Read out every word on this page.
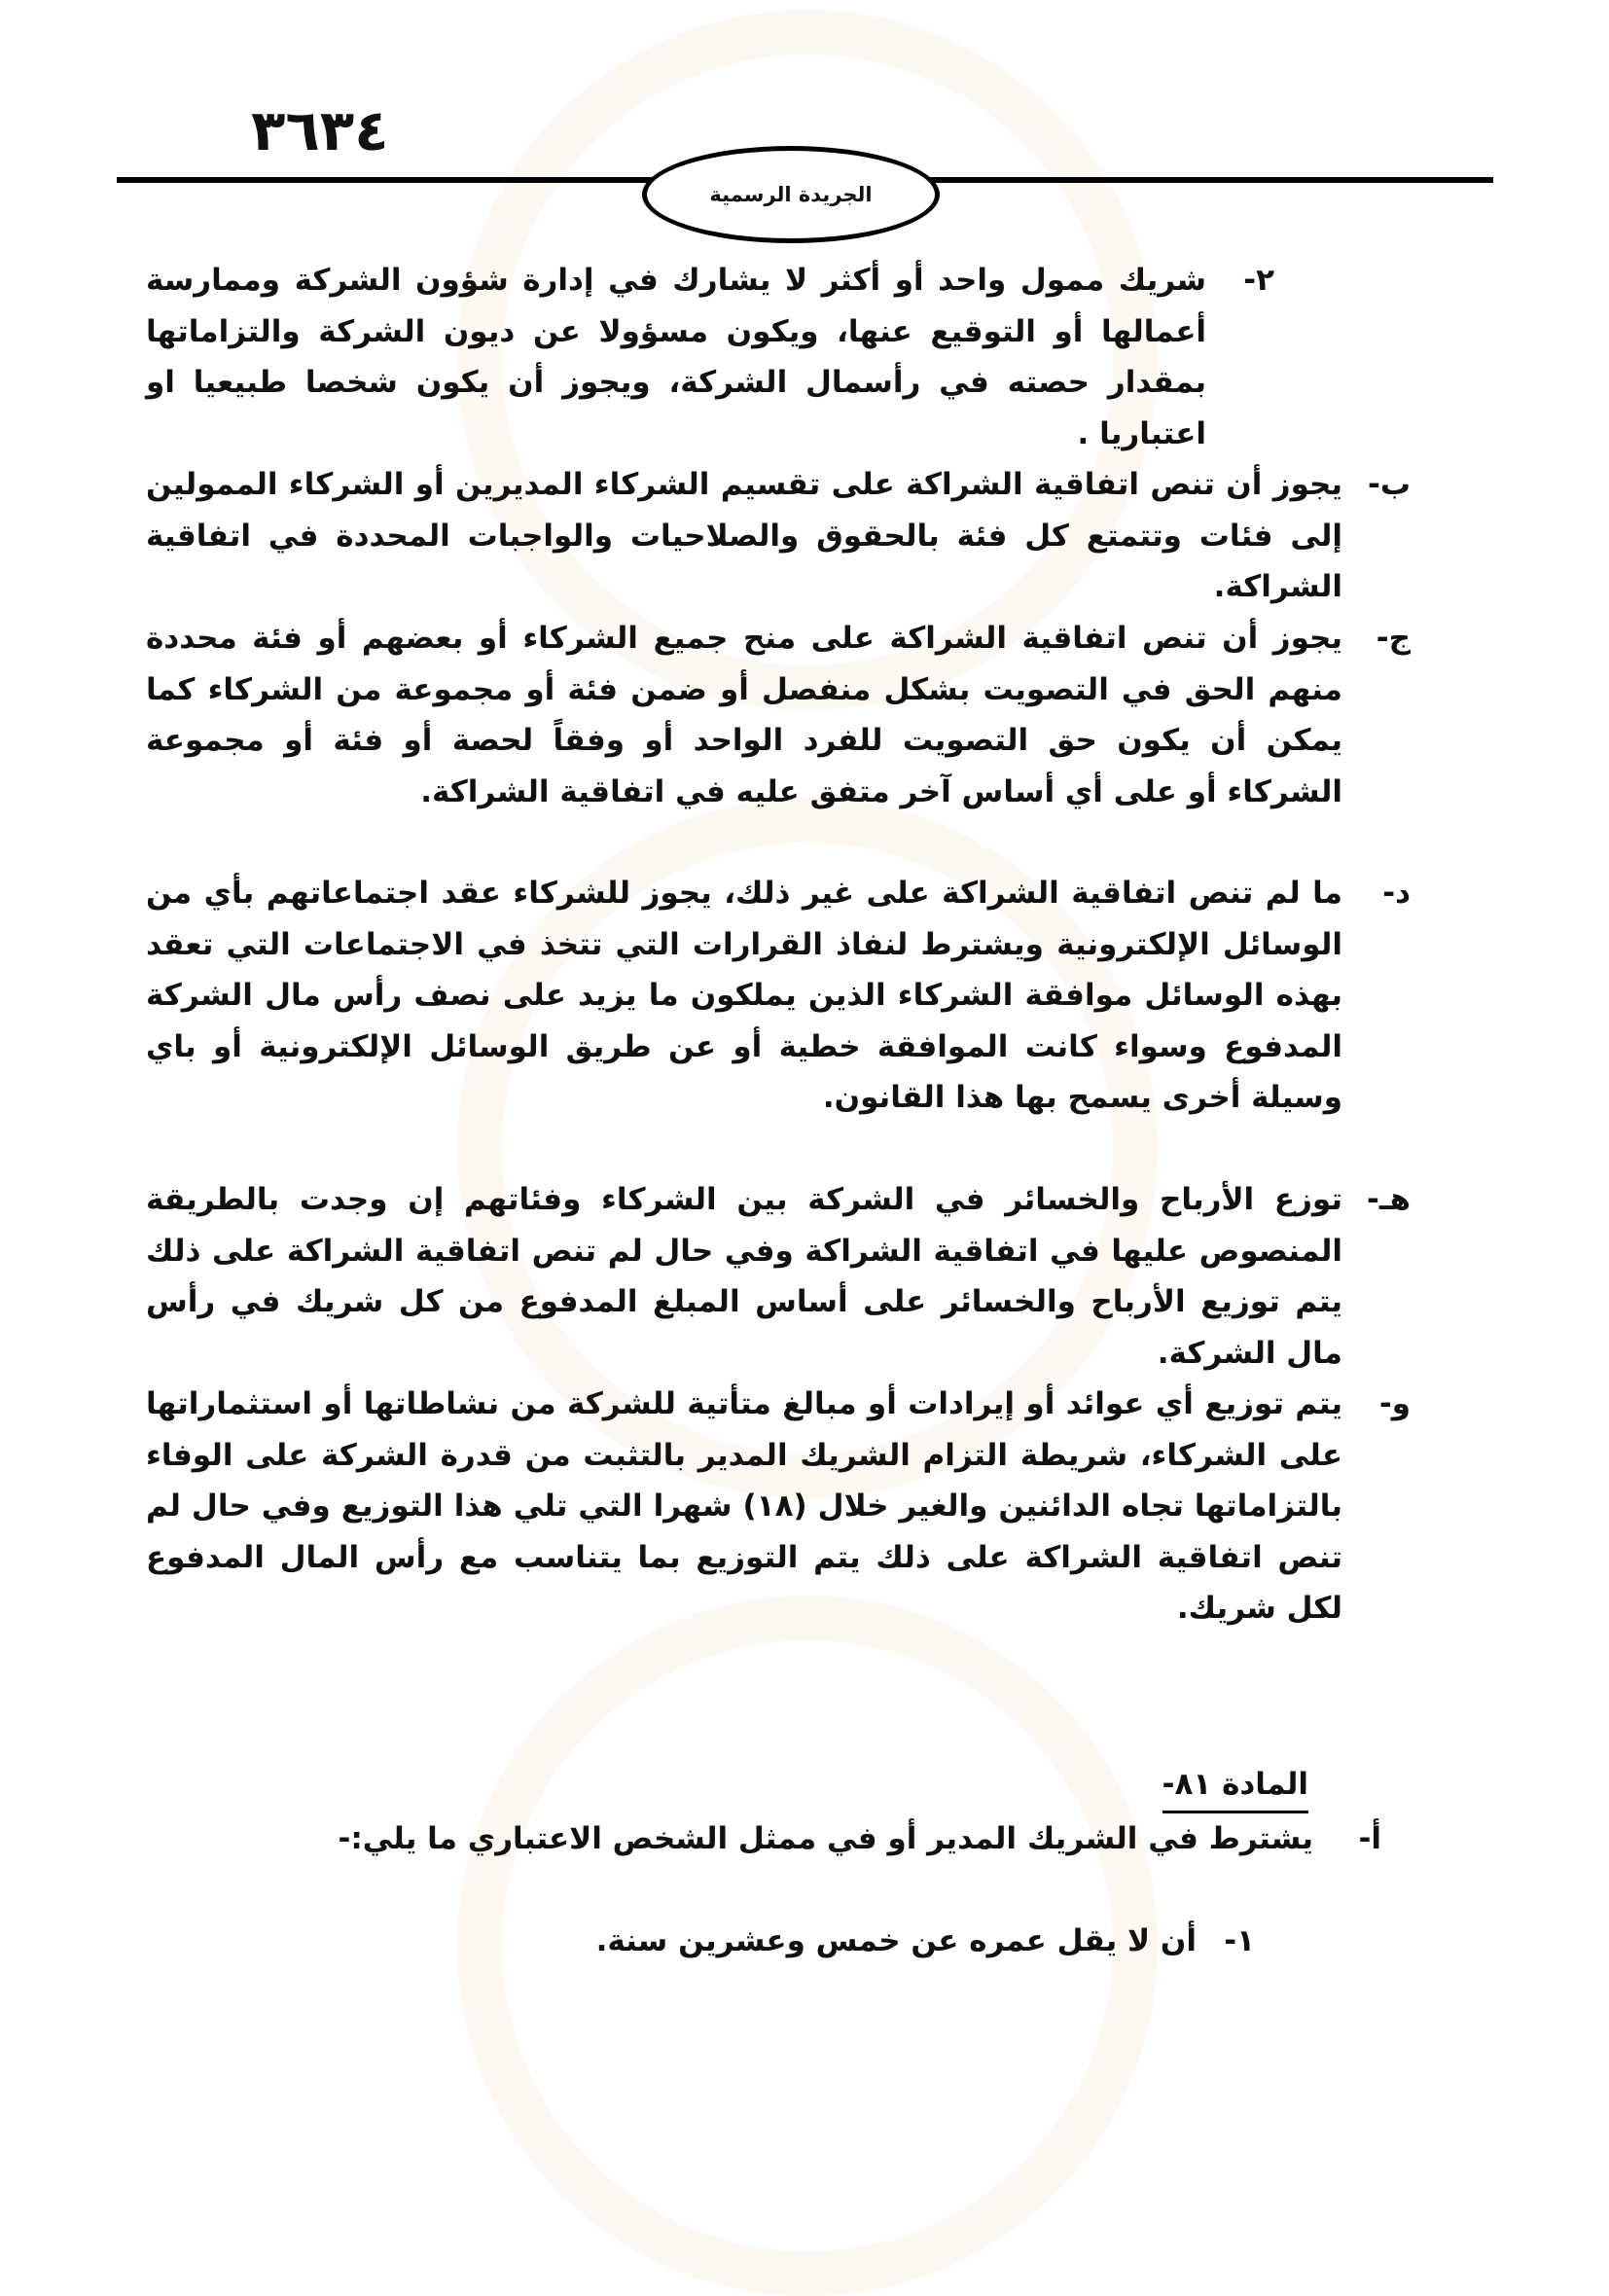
٣٦٣٤
الجريدة الرسمية
٢-
شريك ممول واحد أو أكثر لا يشارك في إدارة شؤون الشركة وممارسة أعمالها أو التوقيع عنها، ويكون مسؤولا عن ديون الشركة والتزاماتها بمقدار حصته في رأسمال الشركة، ويجوز أن يكون شخصا طبيعيا او اعتباريا .
ب-
يجوز أن تنص اتفاقية الشراكة على تقسيم الشركاء المديرين أو الشركاء الممولين إلى فئات وتتمتع كل فئة بالحقوق والصلاحيات والواجبات المحددة في اتفاقية الشراكة.
ج-
يجوز أن تنص اتفاقية الشراكة على منح جميع الشركاء أو بعضهم أو فئة محددة منهم الحق في التصويت بشكل منفصل أو ضمن فئة أو مجموعة من الشركاء كما يمكن أن يكون حق التصويت للفرد الواحد أو وفقاً لحصة أو فئة أو مجموعة الشركاء أو على أي أساس آخر متفق عليه في اتفاقية الشراكة.
د-
ما لم تنص اتفاقية الشراكة على غير ذلك، يجوز للشركاء عقد اجتماعاتهم بأي من الوسائل الإلكترونية ويشترط لنفاذ القرارات التي تتخذ في الاجتماعات التي تعقد بهذه الوسائل موافقة الشركاء الذين يملكون ما يزيد على نصف رأس مال الشركة المدفوع وسواء كانت الموافقة خطية أو عن طريق الوسائل الإلكترونية أو باي وسيلة أخرى يسمح بها هذا القانون.
هـ-
توزع الأرباح والخسائر في الشركة بين الشركاء وفئاتهم إن وجدت بالطريقة المنصوص عليها في اتفاقية الشراكة وفي حال لم تنص اتفاقية الشراكة على ذلك يتم توزيع الأرباح والخسائر على أساس المبلغ المدفوع من كل شريك في رأس مال الشركة.
و-
يتم توزيع أي عوائد أو إيرادات أو مبالغ متأتية للشركة من نشاطاتها أو استثماراتها على الشركاء، شريطة التزام الشريك المدير بالتثبت من قدرة الشركة على الوفاء بالتزاماتها تجاه الدائنين والغير خلال (١٨) شهرا التي تلي هذا التوزيع وفي حال لم تنص اتفاقية الشراكة على ذلك يتم التوزيع بما يتناسب مع رأس المال المدفوع لكل شريك.
المادة ٨١-
أ-
يشترط في الشريك المدير أو في ممثل الشخص الاعتباري ما يلي:-
١-
أن لا يقل عمره عن خمس وعشرين سنة.
